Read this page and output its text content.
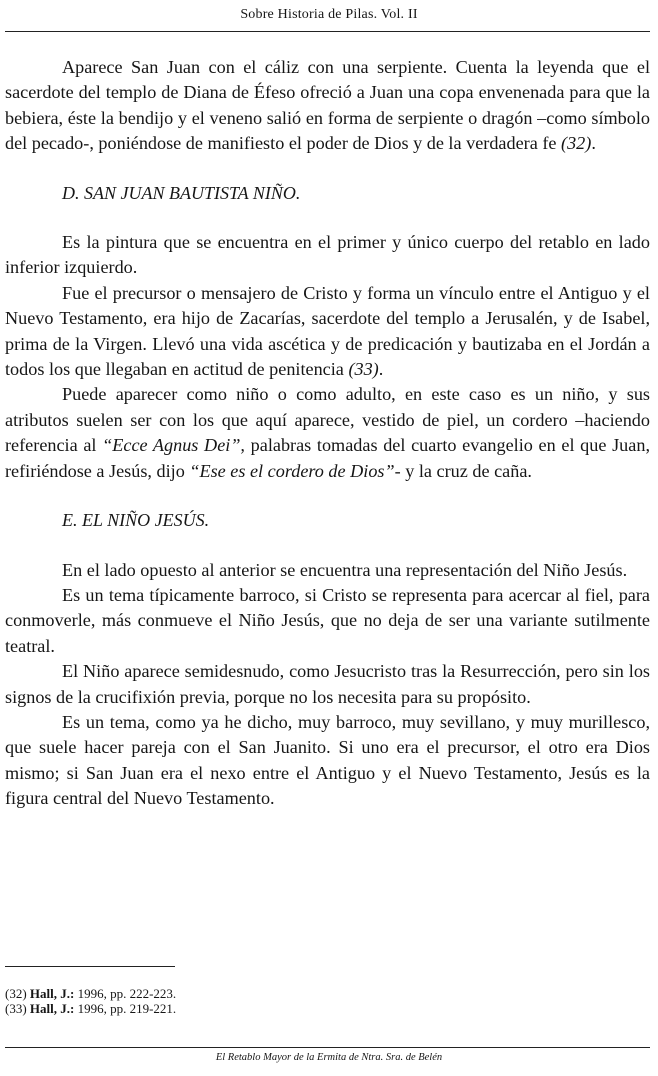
Sobre Historia de Pilas. Vol. II

Aparece San Juan con el cáliz con una serpiente. Cuenta la leyenda que el sacerdote del templo de Diana de Éfeso ofreció a Juan una copa envenenada para que la bebiera, éste la bendijo y el veneno salió en forma de serpiente o dragón –como símbolo del pecado-, poniéndose de manifiesto el poder de Dios y de la verdadera fe (32).

D. SAN JUAN BAUTISTA NIÑO.

Es la pintura que se encuentra en el primer y único cuerpo del retablo en lado inferior izquierdo.

Fue el precursor o mensajero de Cristo y forma un vínculo entre el Antiguo y el Nuevo Testamento, era hijo de Zacarías, sacerdote del templo a Jerusalén, y de Isabel, prima de la Virgen. Llevó una vida ascética y de predicación y bautizaba en el Jordán a todos los que llegaban en actitud de penitencia (33).

Puede aparecer como niño o como adulto, en este caso es un niño, y sus atributos suelen ser con los que aquí aparece, vestido de piel, un cordero –haciendo referencia al “Ecce Agnus Dei”, palabras tomadas del cuarto evangelio en el que Juan, refiriéndose a Jesús, dijo “Ese es el cordero de Dios”- y la cruz de caña.

E. EL NIÑO JESÚS.

En el lado opuesto al anterior se encuentra una representación del Niño Jesús.

Es un tema típicamente barroco, si Cristo se representa para acercar al fiel, para conmoverle, más conmueve el Niño Jesús, que no deja de ser una variante sutilmente teatral.

El Niño aparece semidesnudo, como Jesucristo tras la Resurrección, pero sin los signos de la crucifixión previa, porque no los necesita para su propósito.

Es un tema, como ya he dicho, muy barroco, muy sevillano, y muy murillesco, que suele hacer pareja con el San Juanito. Si uno era el precursor, el otro era Dios mismo; si San Juan era el nexo entre el Antiguo y el Nuevo Testamento, Jesús es la figura central del Nuevo Testamento.

(32) Hall, J.: 1996, pp. 222-223.
(33) Hall, J.: 1996, pp. 219-221.
El Retablo Mayor de la Ermita de Ntra. Sra. de Belén
